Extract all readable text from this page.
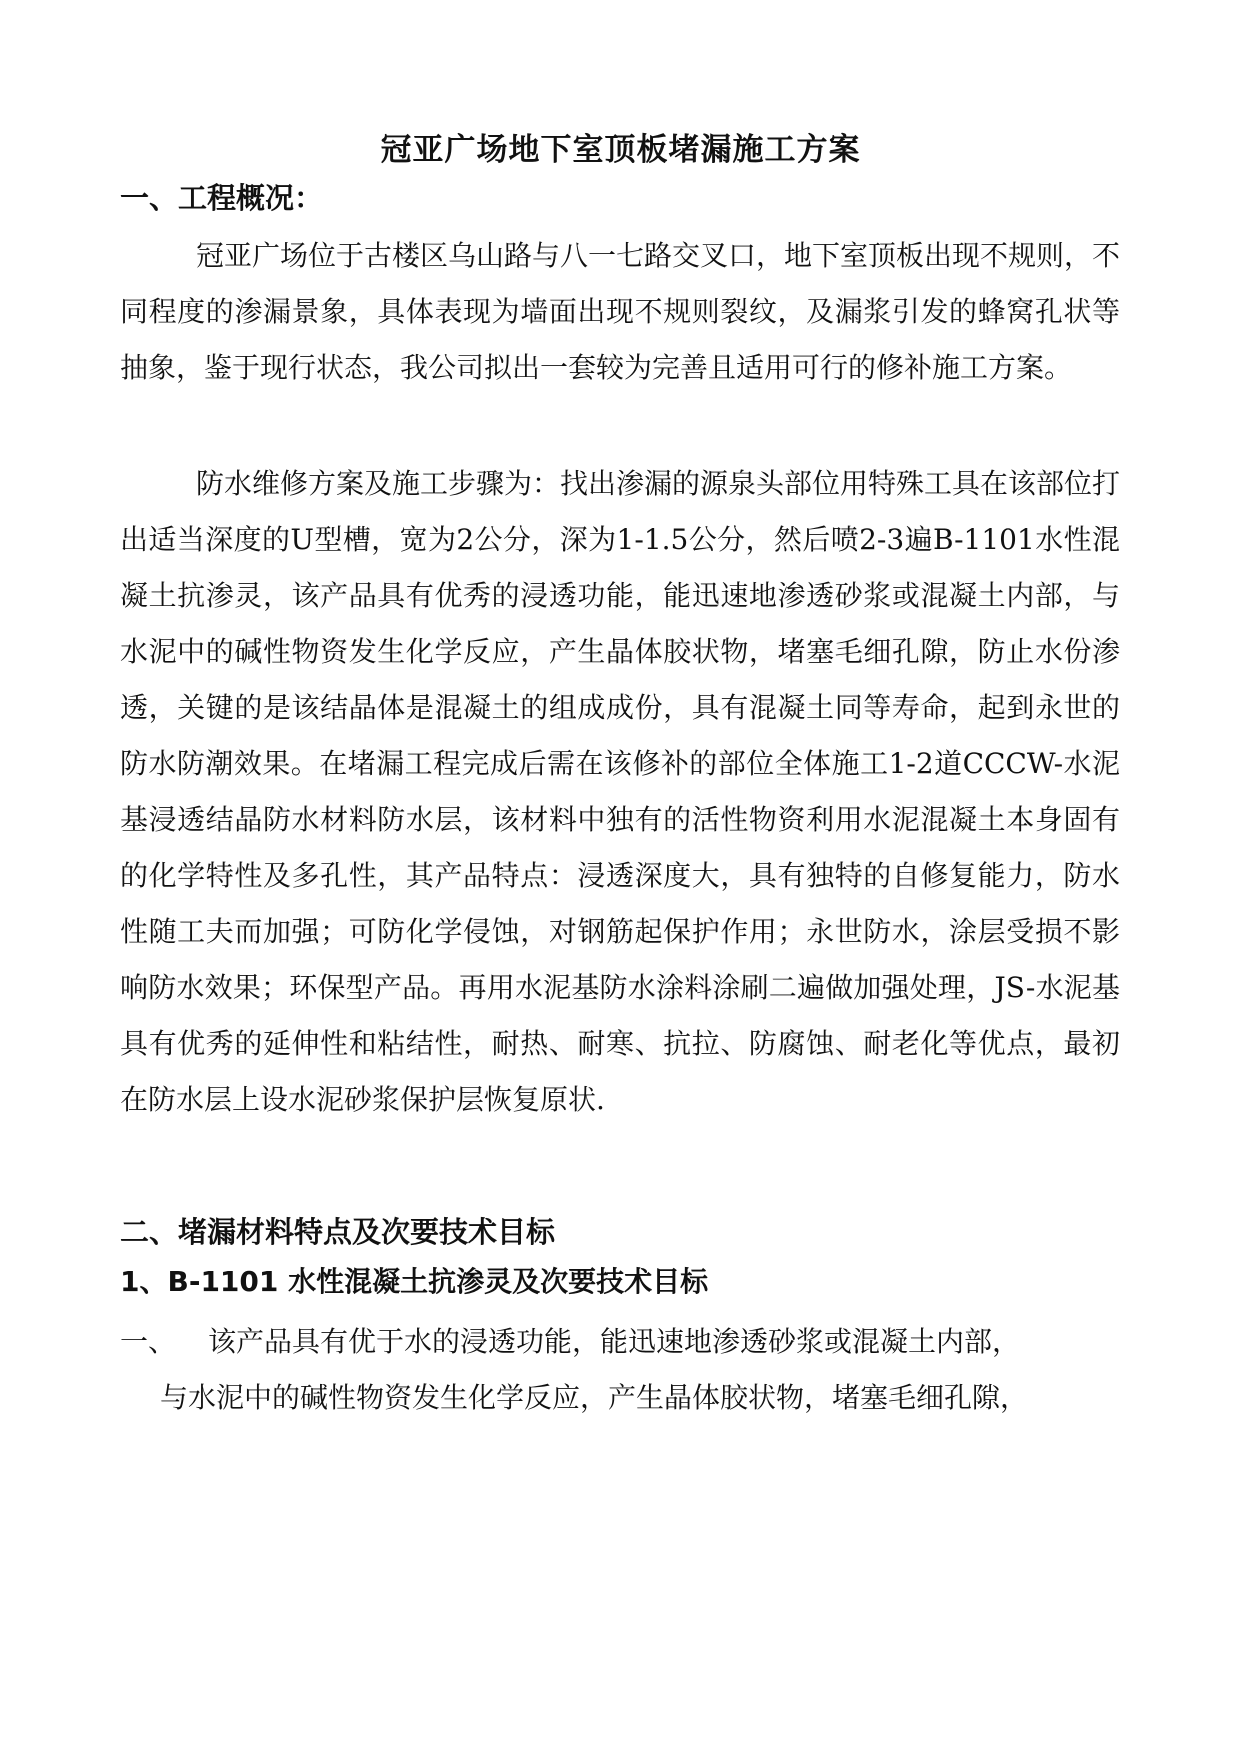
冠亚广场地下室顶板堵漏施工方案
一、工程概况：

冠亚广场位于古楼区乌山路与八一七路交叉口，地下室顶板出现不规则，不同程度的渗漏景象，具体表现为墙面出现不规则裂纹，及漏浆引发的蜂窝孔状等抽象，鉴于现行状态，我公司拟出一套较为完善且适用可行的修补施工方案。

防水维修方案及施工步骤为：找出渗漏的源泉头部位用特殊工具在该部位打出适当深度的U型槽，宽为2公分，深为1-1.5公分，然后喷2-3遍B-1101水性混凝土抗渗灵，该产品具有优秀的浸透功能，能迅速地渗透砂浆或混凝土内部，与水泥中的碱性物资发生化学反应，产生晶体胶状物，堵塞毛细孔隙，防止水份渗透，关键的是该结晶体是混凝土的组成成份，具有混凝土同等寿命，起到永世的防水防潮效果。在堵漏工程完成后需在该修补的部位全体施工1-2道CCCW-水泥基浸透结晶防水材料防水层，该材料中独有的活性物资利用水泥混凝土本身固有的化学特性及多孔性，其产品特点：浸透深度大，具有独特的自修复能力，防水性随工夫而加强；可防化学侵蚀，对钢筋起保护作用；永世防水，涂层受损不影响防水效果；环保型产品。再用水泥基防水涂料涂刷二遍做加强处理，JS-水泥基具有优秀的延伸性和粘结性，耐热、耐寒、抗拉、防腐蚀、耐老化等优点，最初在防水层上设水泥砂浆保护层恢复原状.

二、堵漏材料特点及次要技术目标
1、B-1101 水性混凝土抗渗灵及次要技术目标

一、 该产品具有优于水的浸透功能，能迅速地渗透砂浆或混凝土内部，

与水泥中的碱性物资发生化学反应，产生晶体胶状物，堵塞毛细孔隙，
